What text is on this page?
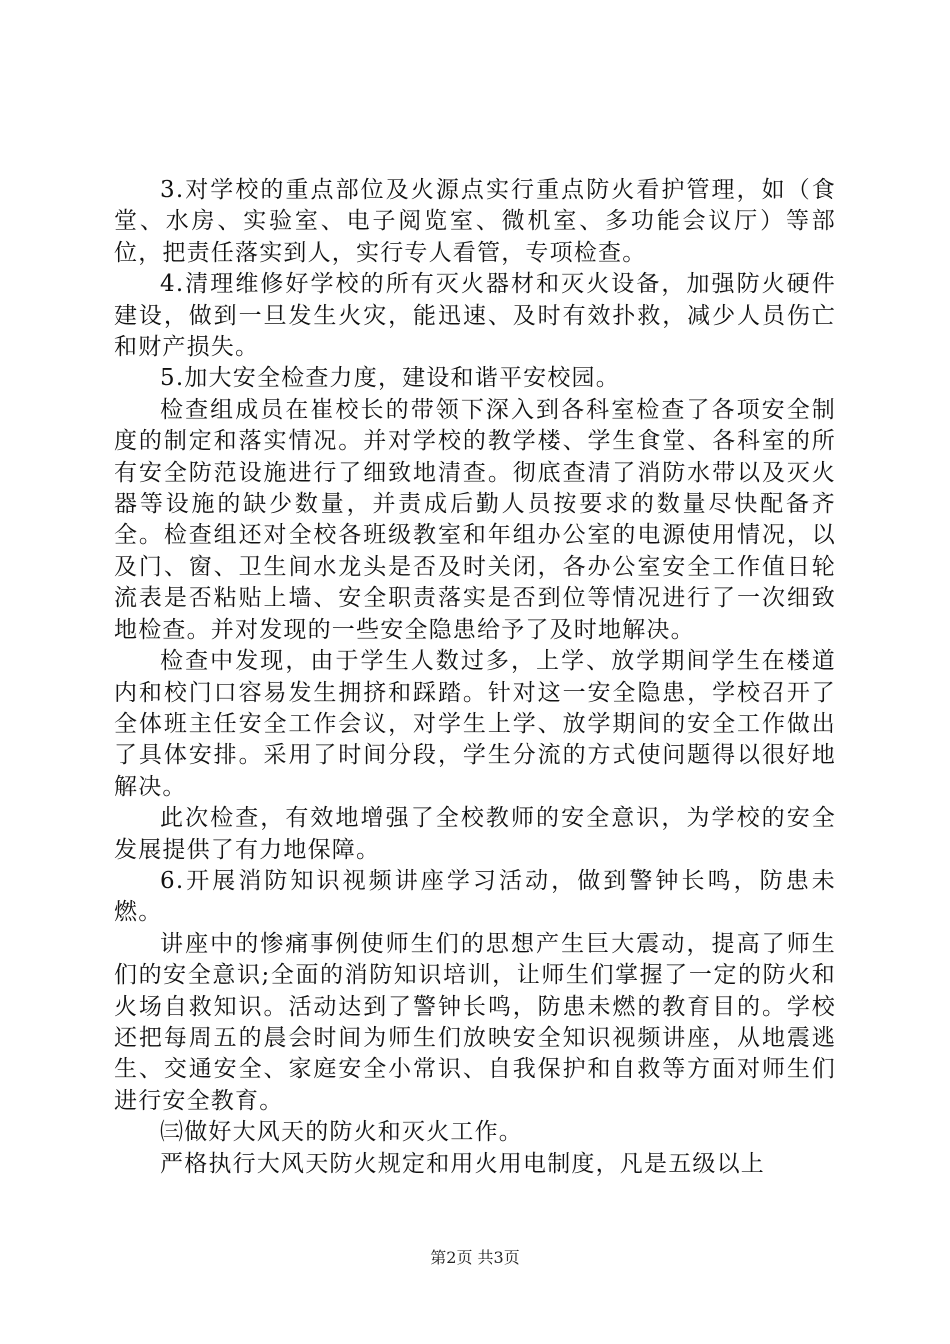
3.对学校的重点部位及火源点实行重点防火看护管理，如（食堂、水房、实验室、电子阅览室、微机室、多功能会议厅）等部位，把责任落实到人，实行专人看管，专项检查。

4.清理维修好学校的所有灭火器材和灭火设备，加强防火硬件建设，做到一旦发生火灾，能迅速、及时有效扑救，减少人员伤亡和财产损失。

5.加大安全检查力度，建设和谐平安校园。

检查组成员在崔校长的带领下深入到各科室检查了各项安全制度的制定和落实情况。并对学校的教学楼、学生食堂、各科室的所有安全防范设施进行了细致地清查。彻底查清了消防水带以及灭火器等设施的缺少数量，并责成后勤人员按要求的数量尽快配备齐全。检查组还对全校各班级教室和年组办公室的电源使用情况，以及门、窗、卫生间水龙头是否及时关闭，各办公室安全工作值日轮流表是否粘贴上墙、安全职责落实是否到位等情况进行了一次细致地检查。并对发现的一些安全隐患给予了及时地解决。

检查中发现，由于学生人数过多，上学、放学期间学生在楼道内和校门口容易发生拥挤和踩踏。针对这一安全隐患，学校召开了全体班主任安全工作会议，对学生上学、放学期间的安全工作做出了具体安排。采用了时间分段，学生分流的方式使问题得以很好地解决。

此次检查，有效地增强了全校教师的安全意识，为学校的安全发展提供了有力地保障。

6.开展消防知识视频讲座学习活动，做到警钟长鸣，防患未燃。

讲座中的惨痛事例使师生们的思想产生巨大震动，提高了师生们的安全意识;全面的消防知识培训，让师生们掌握了一定的防火和火场自救知识。活动达到了警钟长鸣，防患未燃的教育目的。学校还把每周五的晨会时间为师生们放映安全知识视频讲座，从地震逃生、交通安全、家庭安全小常识、自我保护和自救等方面对师生们进行安全教育。

㈢做好大风天的防火和灭火工作。

严格执行大风天防火规定和用火用电制度，凡是五级以上

第2页 共3页
